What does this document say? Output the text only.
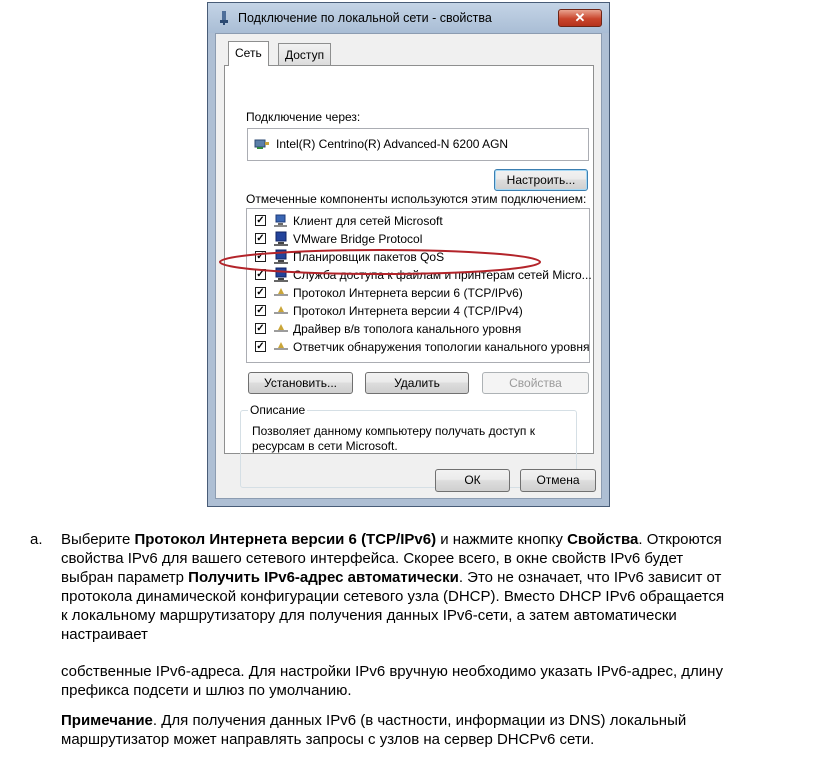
Подключение по локальной сети - свойства	✕
Сеть	Доступ
Подключение через:
Intel(R) Centrino(R) Advanced-N 6200 AGN
Настроить...
Отмеченные компоненты используются этим подключением:
✓ Клиент для сетей Microsoft
✓ VMware Bridge Protocol
✓ Планировщик пакетов QoS
✓ Служба доступа к файлам и принтерам сетей Micro...
✓ Протокол Интернета версии 6 (TCP/IPv6)
✓ Протокол Интернета версии 4 (TCP/IPv4)
✓ Драйвер в/в тополога канального уровня
✓ Ответчик обнаружения топологии канального уровня
Установить...	Удалить	Свойства
Описание
Позволяет данному компьютеру получать доступ к
ресурсам в сети Microsoft.
ОК	Отмена
a. Выберите Протокол Интернета версии 6 (TCP/IPv6) и нажмите кнопку Свойства. Откроются
свойства IPv6 для вашего сетевого интерфейса. Скорее всего, в окне свойств IPv6 будет
выбран параметр Получить IPv6-адрес автоматически. Это не означает, что IPv6 зависит от
протокола динамической конфигурации сетевого узла (DHCP). Вместо DHCP IPv6 обращается
к локальному маршрутизатору для получения данных IPv6-сети, а затем автоматически
настраивает
собственные IPv6-адреса. Для настройки IPv6 вручную необходимо указать IPv6-адрес, длину
префикса подсети и шлюз по умолчанию.
Примечание. Для получения данных IPv6 (в частности, информации из DNS) локальный
маршрутизатор может направлять запросы с узлов на сервер DHCPv6 сети.
